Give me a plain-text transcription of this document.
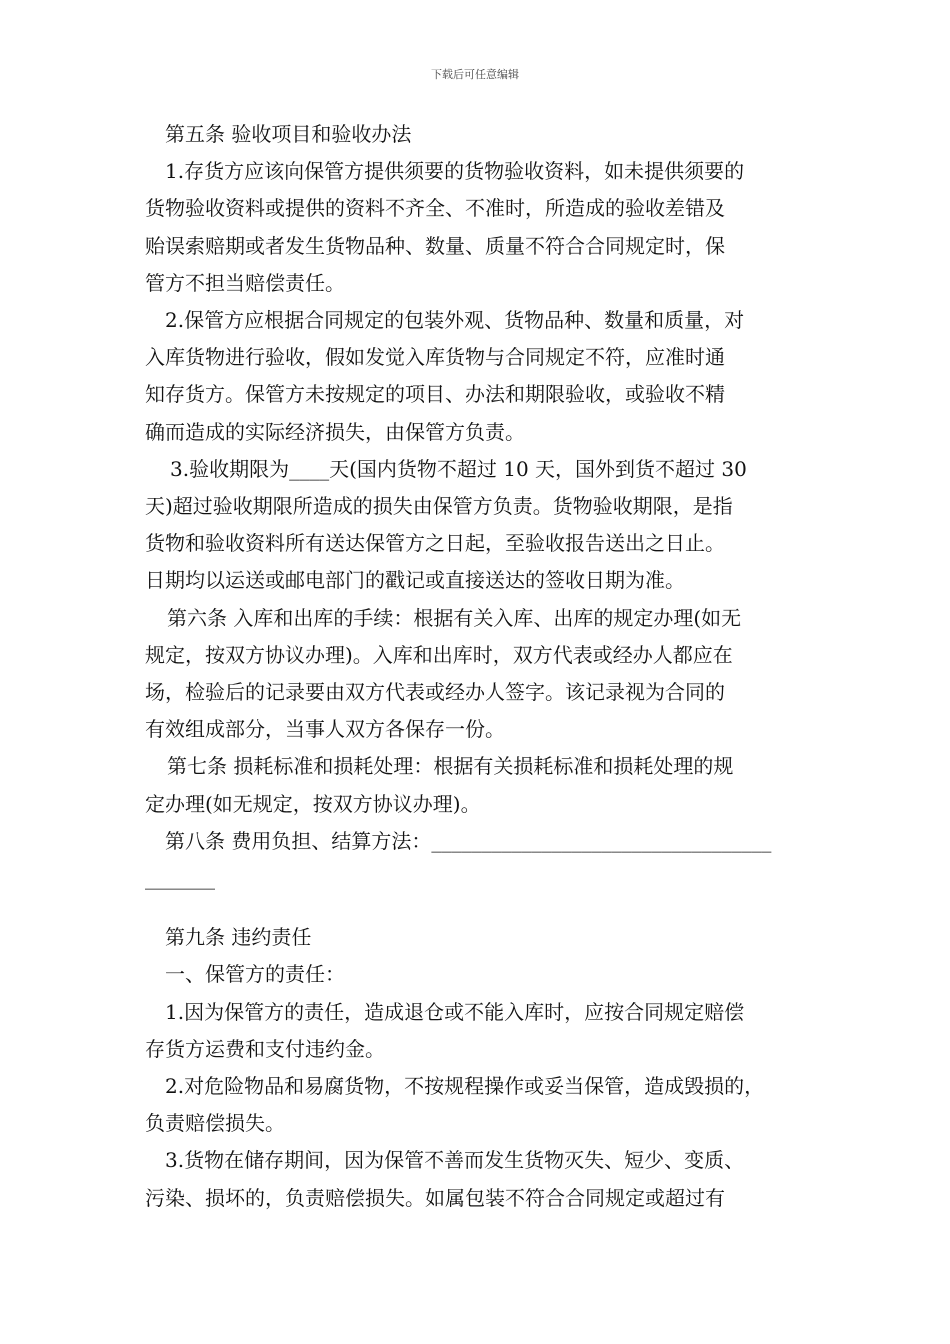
下载后可任意编辑
第五条 验收项目和验收办法
1.存货方应该向保管方提供须要的货物验收资料，如未提供须要的
货物验收资料或提供的资料不齐全、不准时，所造成的验收差错及
贻误索赔期或者发生货物品种、数量、质量不符合合同规定时，保
管方不担当赔偿责任。
2.保管方应根据合同规定的包装外观、货物品种、数量和质量，对
入库货物进行验收，假如发觉入库货物与合同规定不符，应准时通
知存货方。保管方未按规定的项目、办法和期限验收，或验收不精
确而造成的实际经济损失，由保管方负责。
3.验收期限为____天(国内货物不超过 10 天，国外到货不超过 30
天)超过验收期限所造成的损失由保管方负责。货物验收期限，是指
货物和验收资料所有送达保管方之日起，至验收报告送出之日止。
日期均以运送或邮电部门的戳记或直接送达的签收日期为准。
第六条 入库和出库的手续：根据有关入库、出库的规定办理(如无
规定，按双方协议办理)。入库和出库时，双方代表或经办人都应在
场，检验后的记录要由双方代表或经办人签字。该记录视为合同的
有效组成部分，当事人双方各保存一份。
第七条 损耗标准和损耗处理：根据有关损耗标准和损耗处理的规
定办理(如无规定，按双方协议办理)。
第八条 费用负担、结算方法：__________________________________
_______
第九条 违约责任
一、保管方的责任：
1.因为保管方的责任，造成退仓或不能入库时，应按合同规定赔偿
存货方运费和支付违约金。
2.对危险物品和易腐货物，不按规程操作或妥当保管，造成毁损的，
负责赔偿损失。
3.货物在储存期间，因为保管不善而发生货物灭失、短少、变质、
污染、损坏的，负责赔偿损失。如属包装不符合合同规定或超过有
